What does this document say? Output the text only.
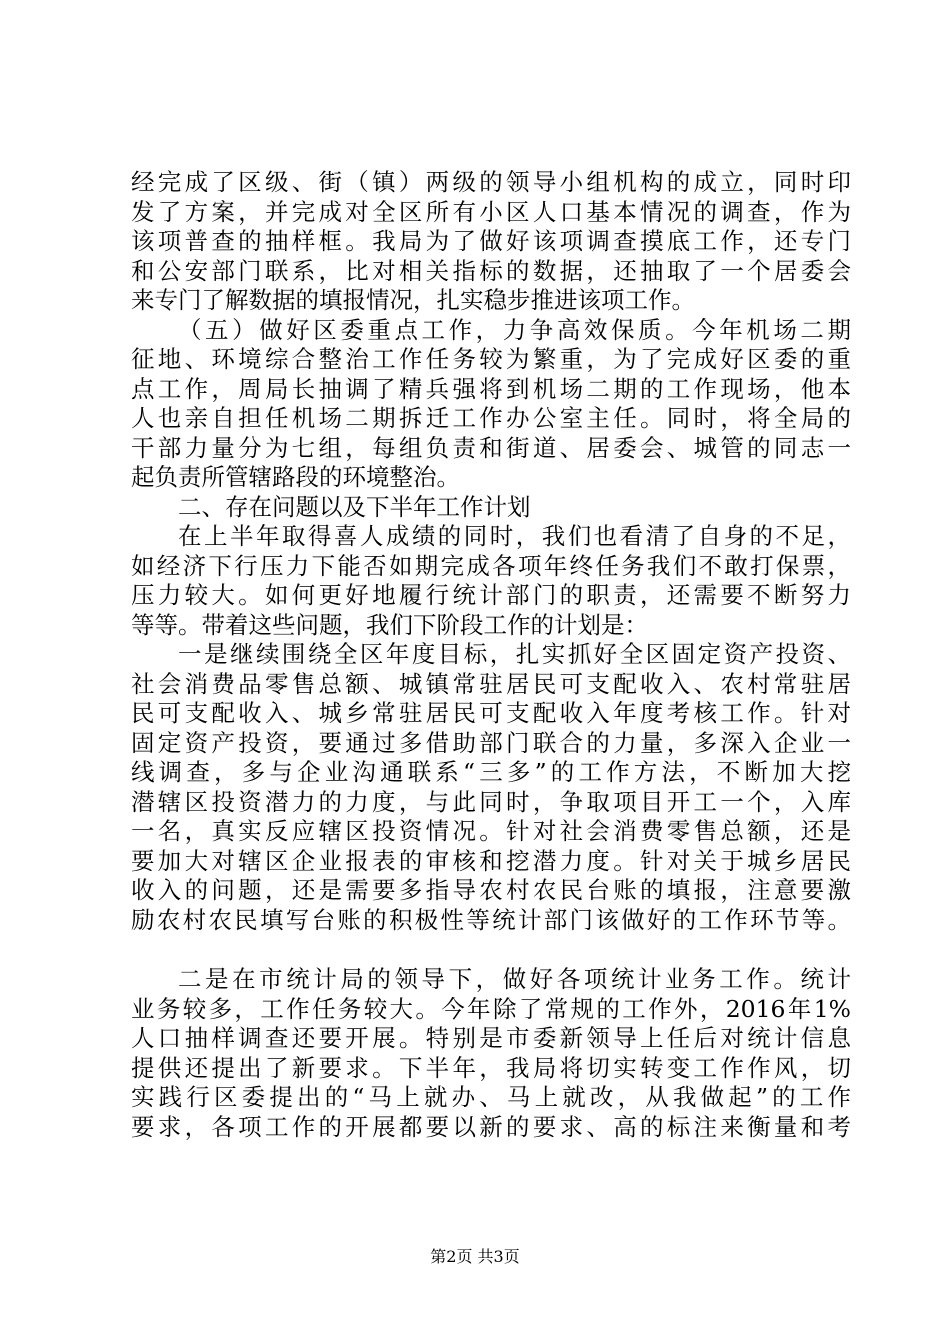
经完成了区级、街（镇）两级的领导小组机构的成立，同时印
发了方案，并完成对全区所有小区人口基本情况的调查，作为
该项普查的抽样框。我局为了做好该项调查摸底工作，还专门
和公安部门联系，比对相关指标的数据，还抽取了一个居委会
来专门了解数据的填报情况，扎实稳步推进该项工作。
（五）做好区委重点工作，力争高效保质。今年机场二期
征地、环境综合整治工作任务较为繁重，为了完成好区委的重
点工作，周局长抽调了精兵强将到机场二期的工作现场，他本
人也亲自担任机场二期拆迁工作办公室主任。同时，将全局的
干部力量分为七组，每组负责和街道、居委会、城管的同志一
起负责所管辖路段的环境整治。
二、存在问题以及下半年工作计划
在上半年取得喜人成绩的同时，我们也看清了自身的不足，
如经济下行压力下能否如期完成各项年终任务我们不敢打保票，
压力较大。如何更好地履行统计部门的职责，还需要不断努力
等等。带着这些问题，我们下阶段工作的计划是：
一是继续围绕全区年度目标，扎实抓好全区固定资产投资、
社会消费品零售总额、城镇常驻居民可支配收入、农村常驻居
民可支配收入、城乡常驻居民可支配收入年度考核工作。针对
固定资产投资，要通过多借助部门联合的力量，多深入企业一
线调查，多与企业沟通联系“三多”的工作方法，不断加大挖
潜辖区投资潜力的力度，与此同时，争取项目开工一个，入库
一名，真实反应辖区投资情况。针对社会消费零售总额，还是
要加大对辖区企业报表的审核和挖潜力度。针对关于城乡居民
收入的问题，还是需要多指导农村农民台账的填报，注意要激
励农村农民填写台账的积极性等统计部门该做好的工作环节等。
二是在市统计局的领导下，做好各项统计业务工作。统计
业务较多，工作任务较大。今年除了常规的工作外，2016年1%
人口抽样调查还要开展。特别是市委新领导上任后对统计信息
提供还提出了新要求。下半年，我局将切实转变工作作风，切
实践行区委提出的“马上就办、马上就改，从我做起”的工作
要求，各项工作的开展都要以新的要求、高的标注来衡量和考
第2页 共3页
